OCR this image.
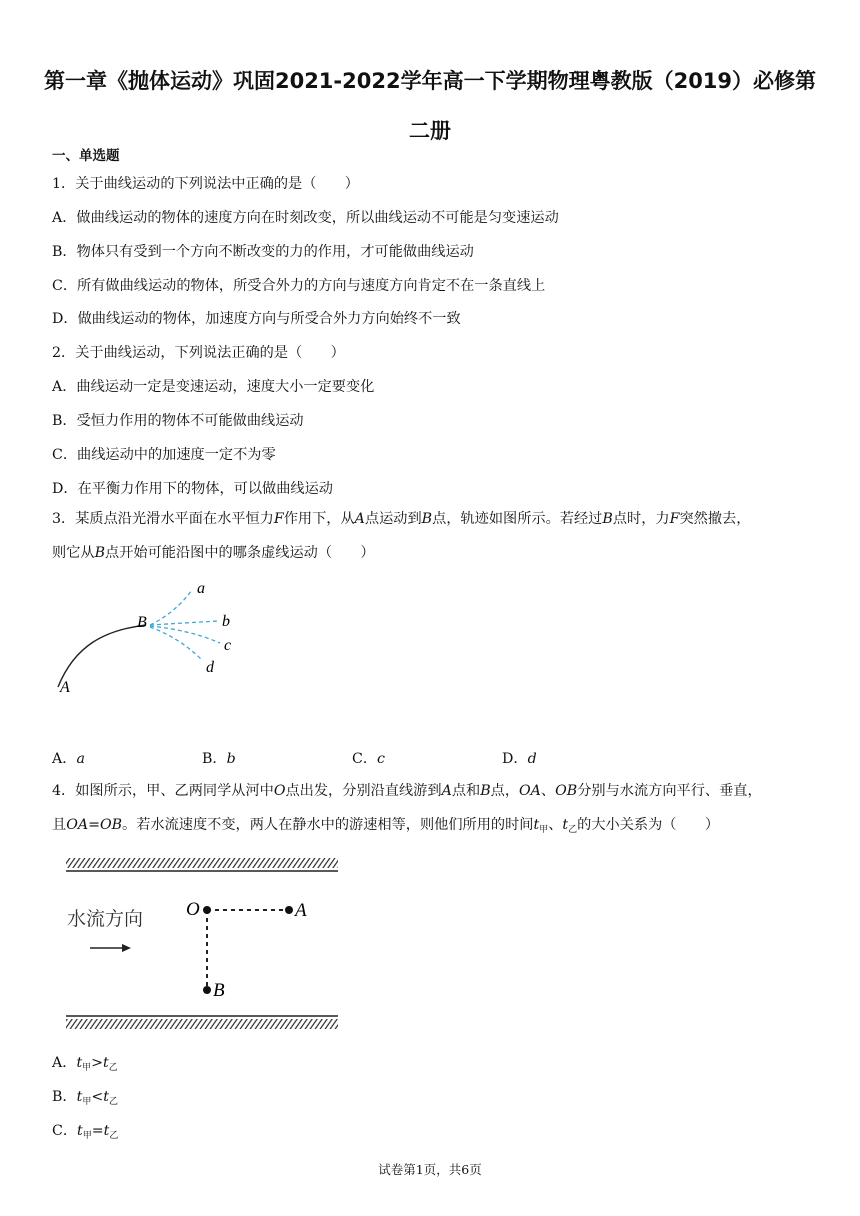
第一章《抛体运动》巩固2021-2022学年高一下学期物理粤教版（2019）必修第二册
一、单选题
1．关于曲线运动的下列说法中正确的是（　　）
A．做曲线运动的物体的速度方向在时刻改变，所以曲线运动不可能是匀变速运动
B．物体只有受到一个方向不断改变的力的作用，才可能做曲线运动
C．所有做曲线运动的物体，所受合外力的方向与速度方向肯定不在一条直线上
D．做曲线运动的物体，加速度方向与所受合外力方向始终不一致
2．关于曲线运动，下列说法正确的是（　　）
A．曲线运动一定是变速运动，速度大小一定要变化
B．受恒力作用的物体不可能做曲线运动
C．曲线运动中的加速度一定不为零
D．在平衡力作用下的物体，可以做曲线运动
3．某质点沿光滑水平面在水平恒力F作用下，从A点运动到B点，轨迹如图所示。若经过B点时，力F突然撤去，
则它从B点开始可能沿图中的哪条虚线运动（　　）
a
b
c
d
B
A
A．a	B．b	C．c	D．d
4．如图所示，甲、乙两同学从河中O点出发，分别沿直线游到A点和B点，OA、OB分别与水流方向平行、垂直，
且OA=OB。若水流速度不变，两人在静水中的游速相等，则他们所用的时间$t_甲$、$t_乙$的大小关系为（　　）
水流方向 O	A
B
A．$t_甲>t_乙$
B．$t_甲<t_乙$
C．$t_甲=t_乙$
试卷第1页，共6页
